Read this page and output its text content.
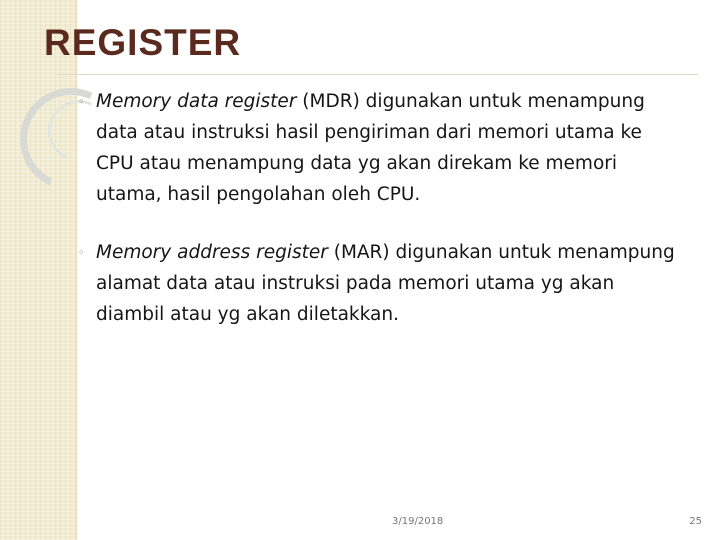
REGISTER
◦ Memory data register (MDR) digunakan untuk menampung data atau instruksi hasil pengiriman dari memori utama ke CPU atau menampung data yg akan direkam ke memori utama, hasil pengolahan oleh CPU.
◦ Memory address register (MAR) digunakan untuk menampung alamat data atau instruksi pada memori utama yg akan diambil atau yg akan diletakkan.
3/19/2018	25
